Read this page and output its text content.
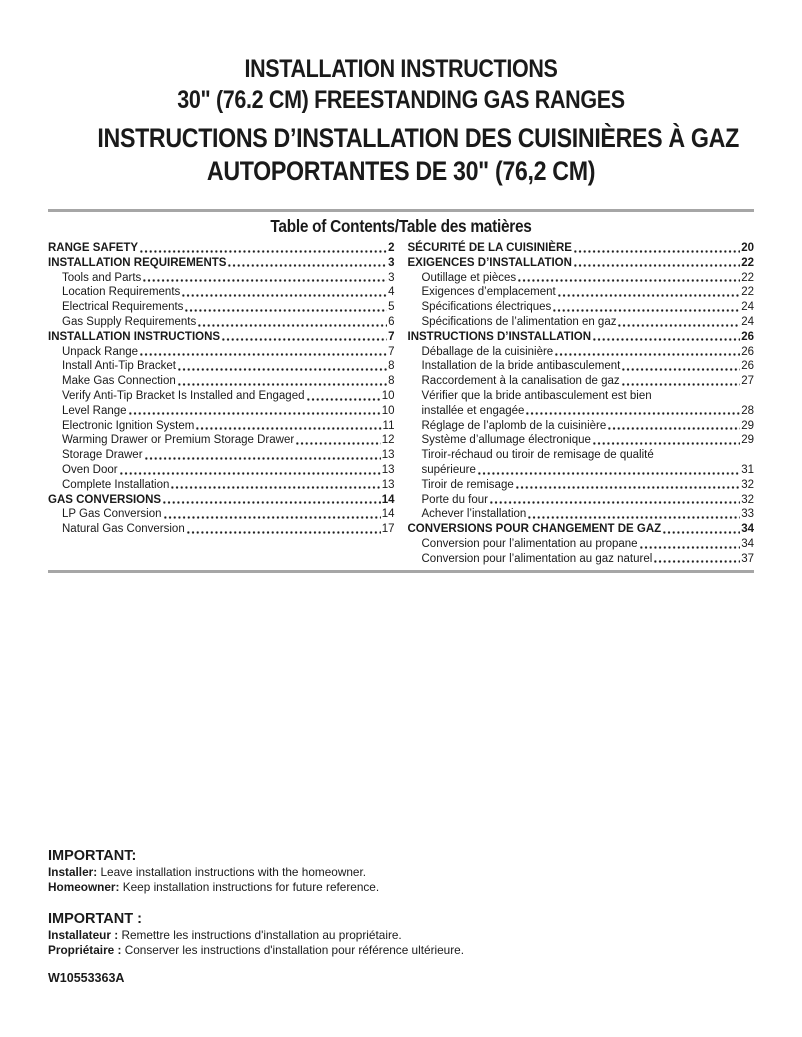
INSTALLATION INSTRUCTIONS
30" (76.2 CM) FREESTANDING GAS RANGES
INSTRUCTIONS D’INSTALLATION DES CUISINIÈRES À GAZ
AUTOPORTANTES DE 30" (76,2 CM)
Table of Contents/Table des matières
RANGE SAFETY	2
INSTALLATION REQUIREMENTS	3
Tools and Parts	3
Location Requirements	4
Electrical Requirements	5
Gas Supply Requirements	6
INSTALLATION INSTRUCTIONS	7
Unpack Range	7
Install Anti-Tip Bracket	8
Make Gas Connection	8
Verify Anti-Tip Bracket Is Installed and Engaged	10
Level Range	10
Electronic Ignition System	11
Warming Drawer or Premium Storage Drawer	12
Storage Drawer	13
Oven Door	13
Complete Installation	13
GAS CONVERSIONS	14
LP Gas Conversion	14
Natural Gas Conversion	17
SÉCURITÉ DE LA CUISINIÈRE	20
EXIGENCES D’INSTALLATION	22
Outillage et pièces	22
Exigences d’emplacement	22
Spécifications électriques	24
Spécifications de l’alimentation en gaz	24
INSTRUCTIONS D’INSTALLATION	26
Déballage de la cuisinière	26
Installation de la bride antibasculement	26
Raccordement à la canalisation de gaz	27
Vérifier que la bride antibasculement est bien
installée et engagée	28
Réglage de l’aplomb de la cuisinière	29
Système d’allumage électronique	29
Tiroir-réchaud ou tiroir de remisage de qualité
supérieure	31
Tiroir de remisage	32
Porte du four	32
Achever l’installation	33
CONVERSIONS POUR CHANGEMENT DE GAZ	34
Conversion pour l’alimentation au propane	34
Conversion pour l’alimentation au gaz naturel	37
IMPORTANT:

Installer: Leave installation instructions with the homeowner.

Homeowner: Keep installation instructions for future reference.

IMPORTANT :

Installateur : Remettre les instructions d'installation au propriétaire.

Propriétaire : Conserver les instructions d'installation pour référence ultérieure.

W10553363A
